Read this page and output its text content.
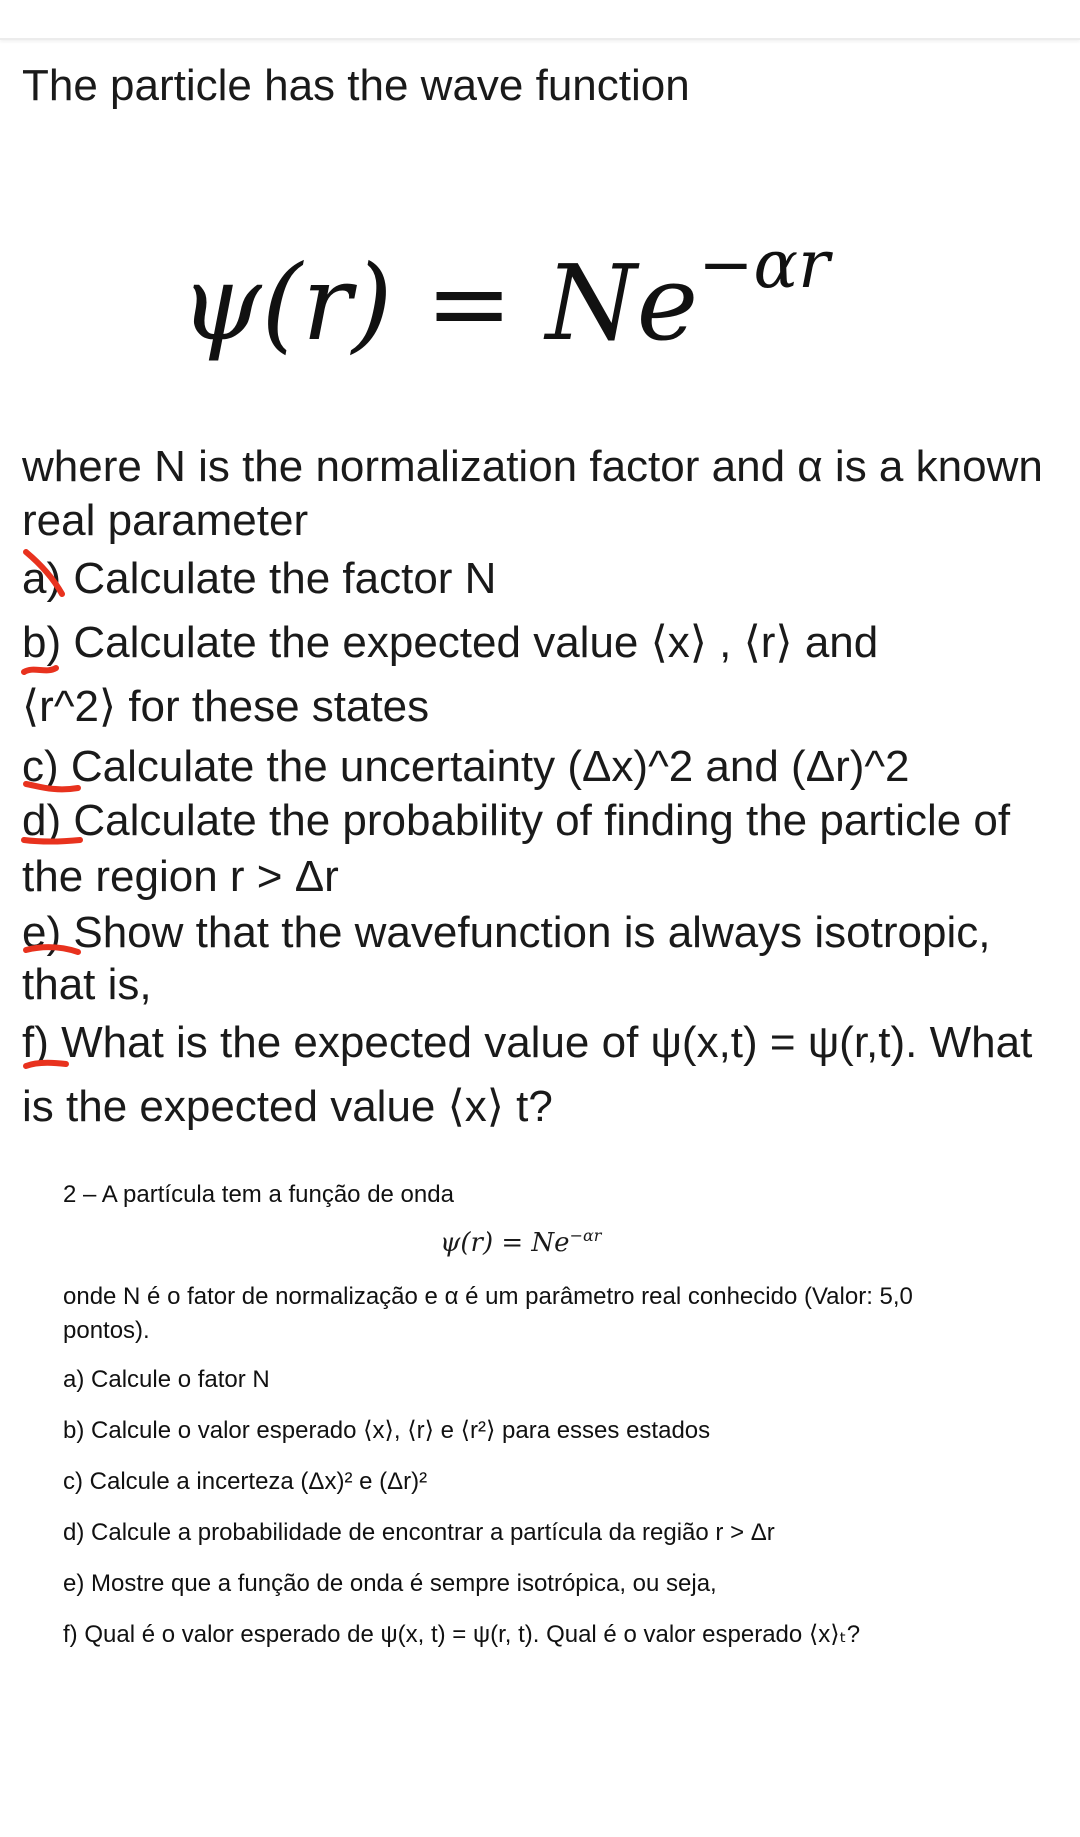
The particle has the wave function
$\psi(r) = Ne^{-\alpha r}$
where N is the normalization factor and α is a known
real parameter
a) Calculate the factor N
b) Calculate the expected value ⟨x⟩ , ⟨r⟩ and
⟨r^2⟩ for these states
c) Calculate the uncertainty (Δx)^2 and (Δr)^2
d) Calculate the probability of finding the particle of
the region r > Δr
e) Show that the wavefunction is always isotropic,
that is,
f) What is the expected value of ψ(x,t) = ψ(r,t). What
is the expected value ⟨x⟩ t?
2 – A partícula tem a função de onda
$\psi(r) = Ne^{-\alpha r}$
onde N é o fator de normalização e α é um parâmetro real conhecido (Valor: 5,0
pontos).
a) Calcule o fator N
b) Calcule o valor esperado ⟨x⟩, ⟨r⟩ e ⟨r²⟩ para esses estados
c) Calcule a incerteza (Δx)² e (Δr)²
d) Calcule a probabilidade de encontrar a partícula da região r > Δr
e) Mostre que a função de onda é sempre isotrópica, ou seja,
f) Qual é o valor esperado de ψ(x, t) = ψ(r, t). Qual é o valor esperado ⟨x⟩ₜ?
